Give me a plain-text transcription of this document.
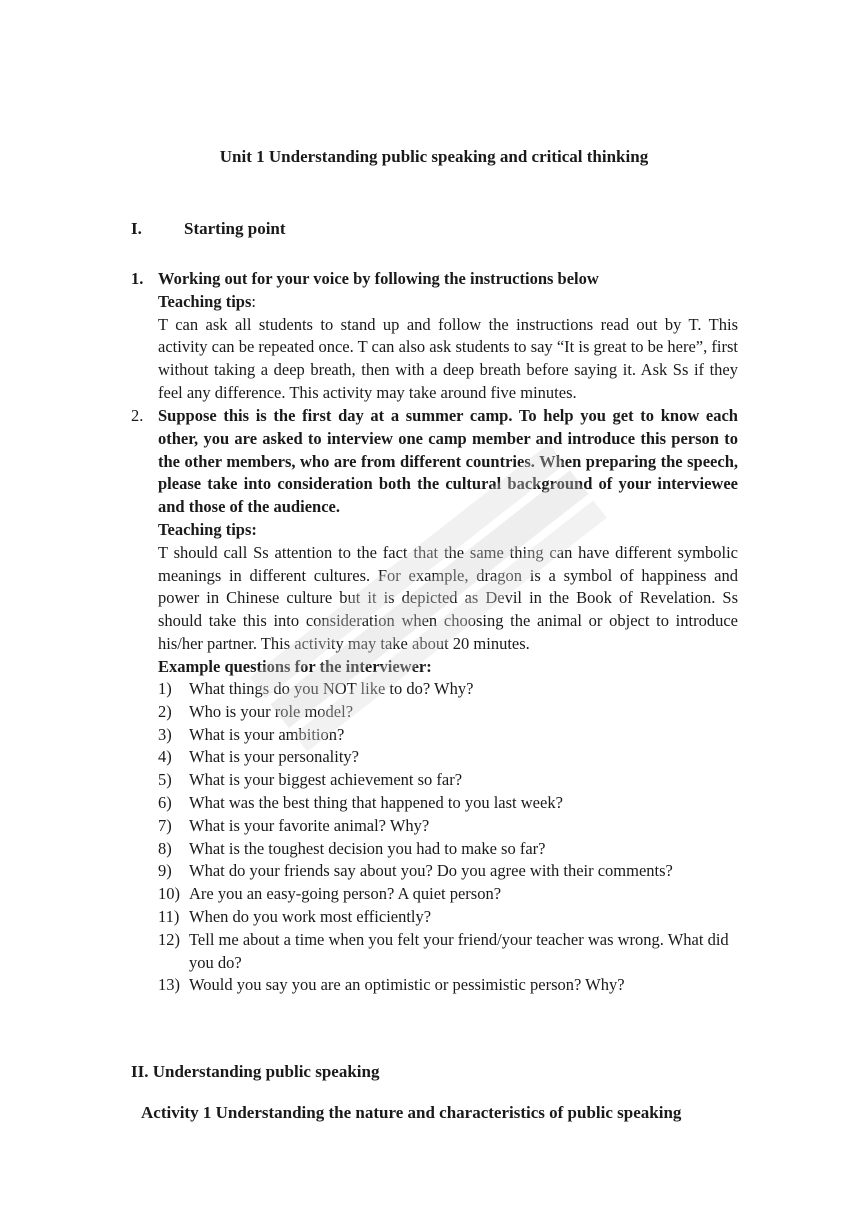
Unit 1 Understanding public speaking and critical thinking
I. Starting point
1. Working out for your voice by following the instructions below
Teaching tips:
T can ask all students to stand up and follow the instructions read out by T. This activity can be repeated once. T can also ask students to say “It is great to be here”, first without taking a deep breath, then with a deep breath before saying it. Ask Ss if they feel any difference. This activity may take around five minutes.
2. Suppose this is the first day at a summer camp. To help you get to know each other, you are asked to interview one camp member and introduce this person to the other members, who are from different countries. When preparing the speech, please take into consideration both the cultural background of your interviewee and those of the audience.
Teaching tips:
T should call Ss attention to the fact that the same thing can have different symbolic meanings in different cultures. For example, dragon is a symbol of happiness and power in Chinese culture but it is depicted as Devil in the Book of Revelation. Ss should take this into consideration when choosing the animal or object to introduce his/her partner. This activity may take about 20 minutes.
Example questions for the interviewer:
1)	What things do you NOT like to do? Why?
2)	Who is your role model?
3)	What is your ambition?
4)	What is your personality?
5)	What is your biggest achievement so far?
6)	What was the best thing that happened to you last week?
7)	What is your favorite animal? Why?
8)	What is the toughest decision you had to make so far?
9)	What do your friends say about you? Do you agree with their comments?
10) Are you an easy-going person? A quiet person?
11) When do you work most efficiently?
12) Tell me about a time when you felt your friend/your teacher was wrong. What did you do?
13) Would you say you are an optimistic or pessimistic person? Why?
II. Understanding public speaking
Activity 1 Understanding the nature and characteristics of public speaking
